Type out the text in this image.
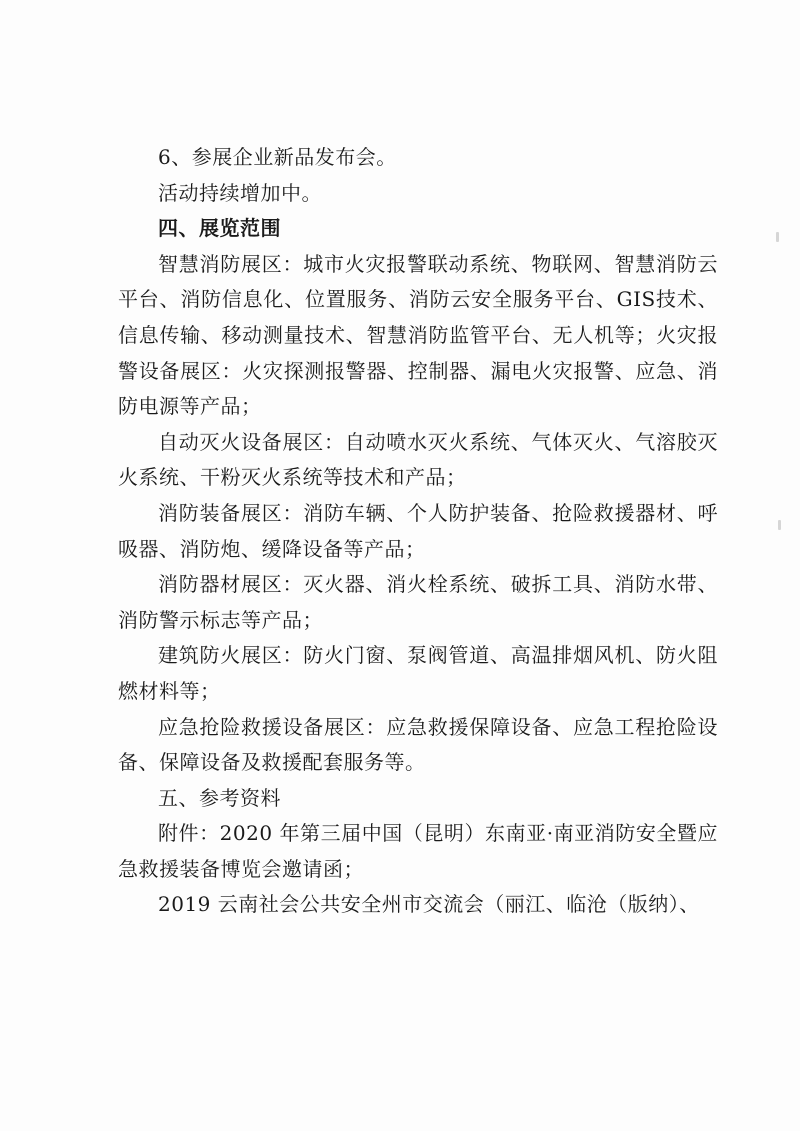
6、参展企业新品发布会。

活动持续增加中。

四、展览范围

智慧消防展区：城市火灾报警联动系统、物联网、智慧消防云平台、消防信息化、位置服务、消防云安全服务平台、GIS技术、信息传输、移动测量技术、智慧消防监管平台、无人机等；火灾报警设备展区：火灾探测报警器、控制器、漏电火灾报警、应急、消防电源等产品；

自动灭火设备展区：自动喷水灭火系统、气体灭火、气溶胶灭火系统、干粉灭火系统等技术和产品；

消防装备展区：消防车辆、个人防护装备、抢险救援器材、呼吸器、消防炮、缓降设备等产品；

消防器材展区：灭火器、消火栓系统、破拆工具、消防水带、消防警示标志等产品；

建筑防火展区：防火门窗、泵阀管道、高温排烟风机、防火阻燃材料等；

应急抢险救援设备展区：应急救援保障设备、应急工程抢险设备、保障设备及救援配套服务等。

五、参考资料

附件：2020 年第三届中国（昆明）东南亚·南亚消防安全暨应急救援装备博览会邀请函；

2019 云南社会公共安全州市交流会（丽江、临沧（版纳）、
